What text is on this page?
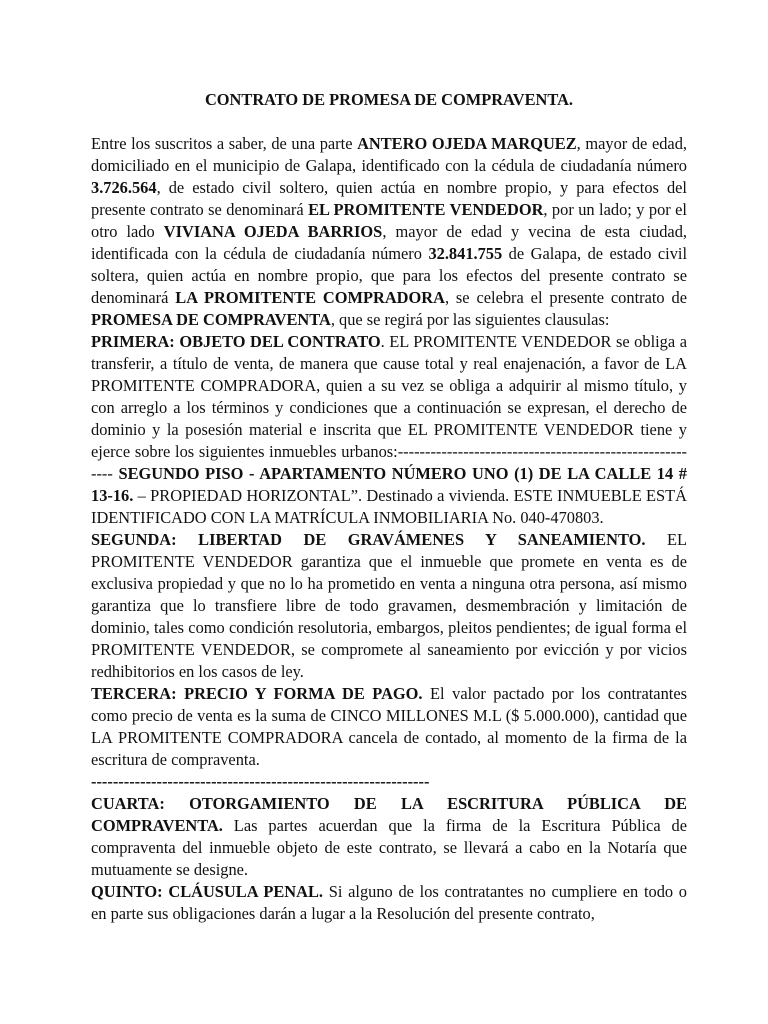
CONTRATO DE PROMESA DE COMPRAVENTA.

Entre los suscritos a saber, de una parte ANTERO OJEDA MARQUEZ, mayor de edad, domiciliado en el municipio de Galapa, identificado con la cédula de ciudadanía número 3.726.564, de estado civil soltero, quien actúa en nombre propio, y para efectos del presente contrato se denominará EL PROMITENTE VENDEDOR, por un lado; y por el otro lado VIVIANA OJEDA BARRIOS, mayor de edad y vecina de esta ciudad, identificada con la cédula de ciudadanía número 32.841.755 de Galapa, de estado civil soltera, quien actúa en nombre propio, que para los efectos del presente contrato se denominará LA PROMITENTE COMPRADORA, se celebra el presente contrato de PROMESA DE COMPRAVENTA, que se regirá por las siguientes clausulas:

PRIMERA: OBJETO DEL CONTRATO. EL PROMITENTE VENDEDOR se obliga a transferir, a título de venta, de manera que cause total y real enajenación, a favor de LA PROMITENTE COMPRADORA, quien a su vez se obliga a adquirir al mismo título, y con arreglo a los términos y condiciones que a continuación se expresan, el derecho de dominio y la posesión material e inscrita que EL PROMITENTE VENDEDOR tiene y ejerce sobre los siguientes inmuebles urbanos:--------------------------------------------------------- SEGUNDO PISO - APARTAMENTO NÚMERO UNO (1) DE LA CALLE 14 # 13-16. – PROPIEDAD HORIZONTAL”. Destinado a vivienda. ESTE INMUEBLE ESTÁ IDENTIFICADO CON LA MATRÍCULA INMOBILIARIA No. 040-470803.

SEGUNDA: LIBERTAD DE GRAVÁMENES Y SANEAMIENTO. EL PROMITENTE VENDEDOR garantiza que el inmueble que promete en venta es de exclusiva propiedad y que no lo ha prometido en venta a ninguna otra persona, así mismo garantiza que lo transfiere libre de todo gravamen, desmembración y limitación de dominio, tales como condición resolutoria, embargos, pleitos pendientes; de igual forma el PROMITENTE VENDEDOR, se compromete al saneamiento por evicción y por vicios redhibitorios en los casos de ley.

TERCERA: PRECIO Y FORMA DE PAGO. El valor pactado por los contratantes como precio de venta es la suma de CINCO MILLONES M.L ($ 5.000.000), cantidad que LA PROMITENTE COMPRADORA cancela de contado, al momento de la firma de la escritura de compraventa.

--------------------------------------------------------------

CUARTA: OTORGAMIENTO DE LA ESCRITURA PÚBLICA DE COMPRAVENTA. Las partes acuerdan que la firma de la Escritura Pública de compraventa del inmueble objeto de este contrato, se llevará a cabo en la Notaría que mutuamente se designe.

QUINTO: CLÁUSULA PENAL. Si alguno de los contratantes no cumpliere en todo o en parte sus obligaciones darán a lugar a la Resolución del presente contrato,
